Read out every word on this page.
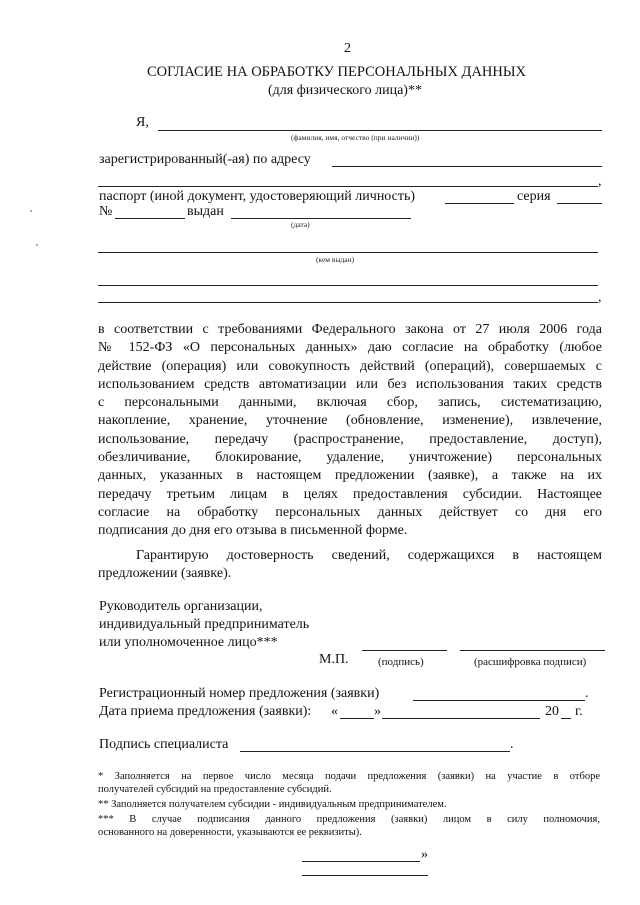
2
СОГЛАСИЕ НА ОБРАБОТКУ ПЕРСОНАЛЬНЫХ ДАННЫХ
(для физического лица)**
Я,
(фамилия, имя, отчество (при наличии))
зарегистрированный(-ая) по адресу
,
паспорт (иной документ, удостоверяющий личность)	серия
№	выдан
(дата)
(кем выдан)
,
в соответствии с требованиями Федерального закона от 27 июля 2006 года
№ 152-ФЗ «О персональных данных» даю согласие на обработку (любое
действие (операция) или совокупность действий (операций), совершаемых с
использованием средств автоматизации или без использования таких средств
с персональными данными, включая сбор, запись, систематизацию,
накопление, хранение, уточнение (обновление, изменение), извлечение,
использование, передачу (распространение, предоставление, доступ),
обезличивание, блокирование, удаление, уничтожение) персональных
данных, указанных в настоящем предложении (заявке), а также на их
передачу третьим лицам в целях предоставления субсидии. Настоящее
согласие на обработку персональных данных действует со дня его
подписания до дня его отзыва в письменной форме.
Гарантирую достоверность сведений, содержащихся в настоящем
предложении (заявке).
Руководитель организации,
индивидуальный предприниматель
или уполномоченное лицо***
М.П.	(подпись)	(расшифровка подписи)
Регистрационный номер предложения (заявки)	.
Дата приема предложения (заявки): «	»	20 г.
Подпись специалиста	.
* Заполняется на первое число месяца подачи предложения (заявки) на участие в отборе
получателей субсидий на предоставление субсидий.
** Заполняется получателем субсидии - индивидуальным предпринимателем.
*** В случае подписания данного предложения (заявки) лицом в силу полномочия,
основанного на доверенности, указываются ее реквизиты).
»
